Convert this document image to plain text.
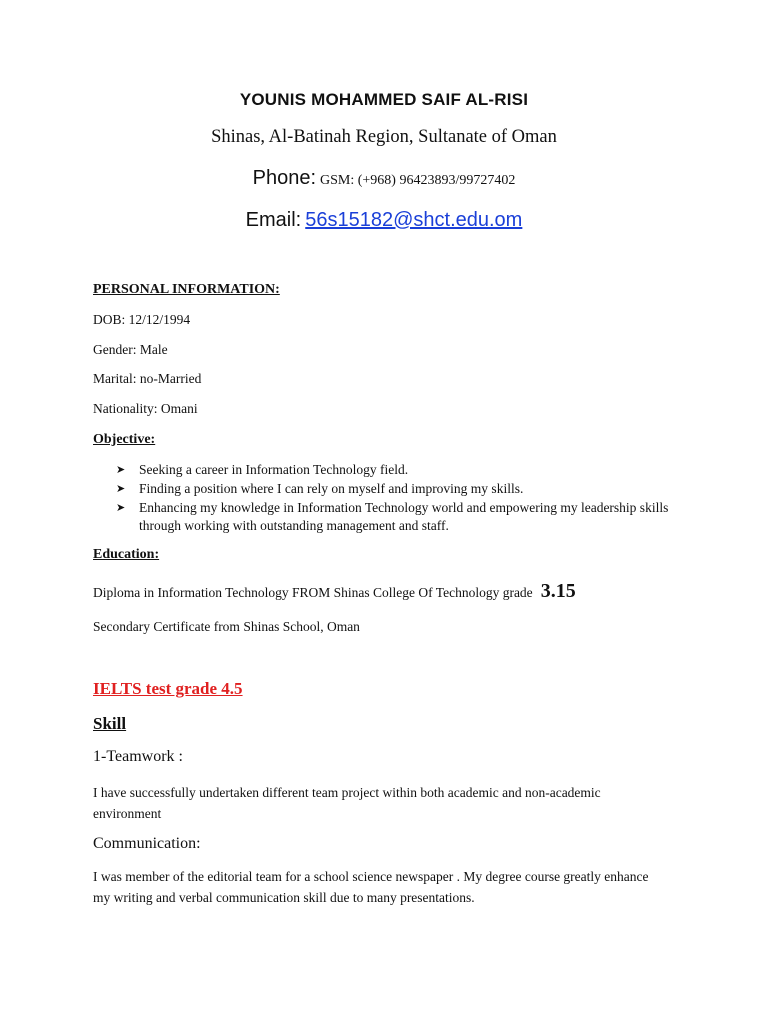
YOUNIS MOHAMMED SAIF AL-RISI
Shinas, Al-Batinah Region, Sultanate of Oman
Phone: GSM: (+968) 96423893/99727402
Email: 56s15182@shct.edu.om
PERSONAL INFORMATION:
DOB: 12/12/1994
Gender: Male
Marital: no-Married
Nationality: Omani
Objective:
➤ Seeking a career in Information Technology field.
➤ Finding a position where I can rely on myself and improving my skills.
➤ Enhancing my knowledge in Information Technology world and empowering my leadership skills through working with outstanding management and staff.
Education:
Diploma in Information Technology FROM Shinas College Of Technology grade 3.15
Secondary Certificate from Shinas School, Oman
IELTS test grade 4.5
Skill
1-Teamwork :
I have successfully undertaken different team project within both academic and non-academic environment
Communication:
I was member of the editorial team for a school science newspaper . My degree course greatly enhance my writing and verbal communication skill due to many presentations.
